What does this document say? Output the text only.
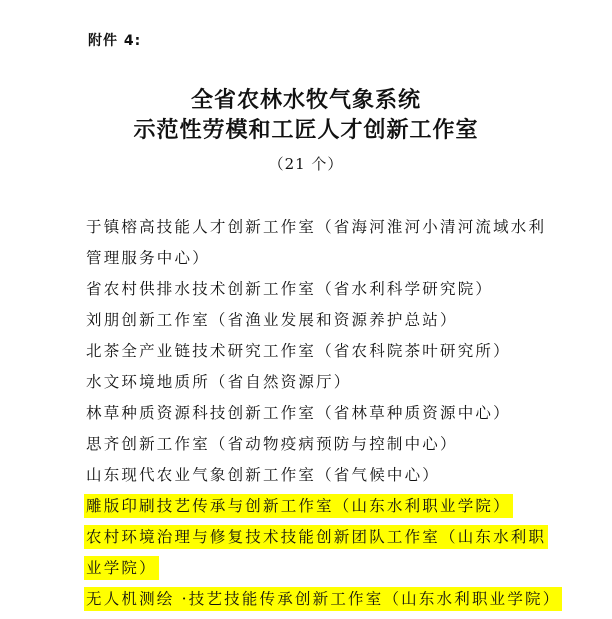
附件 4:
全省农林水牧气象系统
示范性劳模和工匠人才创新工作室
（21 个）
于镇榕高技能人才创新工作室（省海河淮河小清河流域水利
管理服务中心）
省农村供排水技术创新工作室（省水利科学研究院）
刘朋创新工作室（省渔业发展和资源养护总站）
北茶全产业链技术研究工作室（省农科院茶叶研究所）
水文环境地质所（省自然资源厅）
林草种质资源科技创新工作室（省林草种质资源中心）
思齐创新工作室（省动物疫病预防与控制中心）
山东现代农业气象创新工作室（省气候中心）
雕版印刷技艺传承与创新工作室（山东水利职业学院）
农村环境治理与修复技术技能创新团队工作室（山东水利职
业学院）
无人机测绘 ·技艺技能传承创新工作室（山东水利职业学院）
